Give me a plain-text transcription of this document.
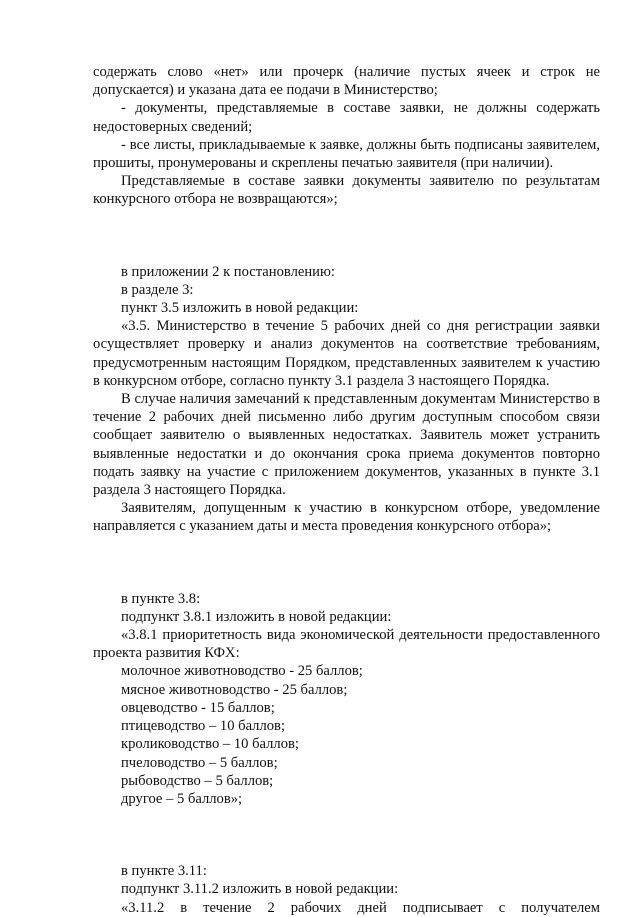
содержать слово «нет» или прочерк (наличие пустых ячеек и строк не допускается) и указана дата ее подачи в Министерство;

- документы, представляемые в составе заявки, не должны содержать недостоверных сведений;

- все листы, прикладываемые к заявке, должны быть подписаны заявителем, прошиты, пронумерованы и скреплены печатью заявителя (при наличии).

Представляемые в составе заявки документы заявителю по результатам конкурсного отбора не возвращаются»;

в приложении 2 к постановлению:

в разделе 3:

пункт 3.5 изложить в новой редакции:

«3.5. Министерство в течение 5 рабочих дней со дня регистрации заявки осуществляет проверку и анализ документов на соответствие требованиям, предусмотренным настоящим Порядком, представленных заявителем к участию в конкурсном отборе, согласно пункту 3.1 раздела 3 настоящего Порядка.

В случае наличия замечаний к представленным документам Министерство в течение 2 рабочих дней письменно либо другим доступным способом связи сообщает заявителю о выявленных недостатках. Заявитель может устранить выявленные недостатки и до окончания срока приема документов повторно подать заявку на участие с приложением документов, указанных в пункте 3.1 раздела 3 настоящего Порядка.

Заявителям, допущенным к участию в конкурсном отборе, уведомление направляется с указанием даты и места проведения конкурсного отбора»;

в пункте 3.8:

подпункт 3.8.1 изложить в новой редакции:

«3.8.1 приоритетность вида экономической деятельности предоставленного проекта развития КФХ:

молочное животноводство - 25 баллов;

мясное животноводство - 25 баллов;

овцеводство - 15 баллов;

птицеводство – 10 баллов;

кролиководство – 10 баллов;

пчеловодство – 5 баллов;

рыбоводство – 5 баллов;

другое – 5 баллов»;

в пункте 3.11:

подпункт 3.11.2 изложить в новой редакции:

«3.11.2 в течение 2 рабочих дней подписывает с получателем
